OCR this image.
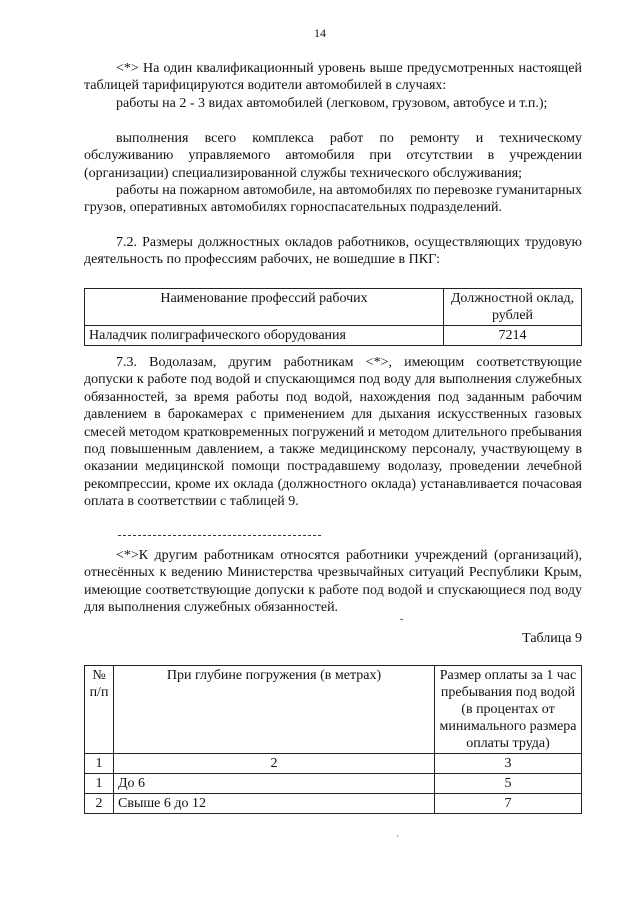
14

<*> На один квалификационный уровень выше предусмотренных настоящей таблицей тарифицируются водители автомобилей в случаях:

работы на 2 - 3 видах автомобилей (легковом, грузовом, автобусе и т.п.);

выполнения всего комплекса работ по ремонту и техническому обслуживанию управляемого автомобиля при отсутствии в учреждении (организации) специализированной службы технического обслуживания;

работы на пожарном автомобиле, на автомобилях по перевозке гуманитарных грузов, оперативных автомобилях горноспасательных подразделений.

7.2. Размеры должностных окладов работников, осуществляющих трудовую деятельность по профессиям рабочих, не вошедшие в ПКГ:

Наименование профессий рабочих	Должностной оклад, рублей
Наладчик полиграфического оборудования	7214

7.3. Водолазам, другим работникам <*>, имеющим соответствующие допуски к работе под водой и спускающимся под воду для выполнения служебных обязанностей, за время работы под водой, нахождения под заданным рабочим давлением в барокамерах с применением для дыхания искусственных газовых смесей методом кратковременных погружений и методом длительного пребывания под повышенным давлением, а также медицинскому персоналу, участвующему в оказании медицинской помощи пострадавшему водолазу, проведении лечебной рекомпрессии, кроме их оклада (должностного оклада) устанавливается почасовая оплата в соответствии с таблицей 9.

<*>К другим работникам относятся работники учреждений (организаций), отнесённых к ведению Министерства чрезвычайных ситуаций Республики Крым, имеющие соответствующие допуски к работе под водой и спускающиеся под воду для выполнения служебных обязанностей.

˘
Таблица 9
№ п/п	При глубине погружения (в метрах)	Размер оплаты за 1 час пребывания под водой (в процентах от минимального размера оплаты труда)
1	2	3
1	До 6	5
2	Свыше 6 до 12	7
·
